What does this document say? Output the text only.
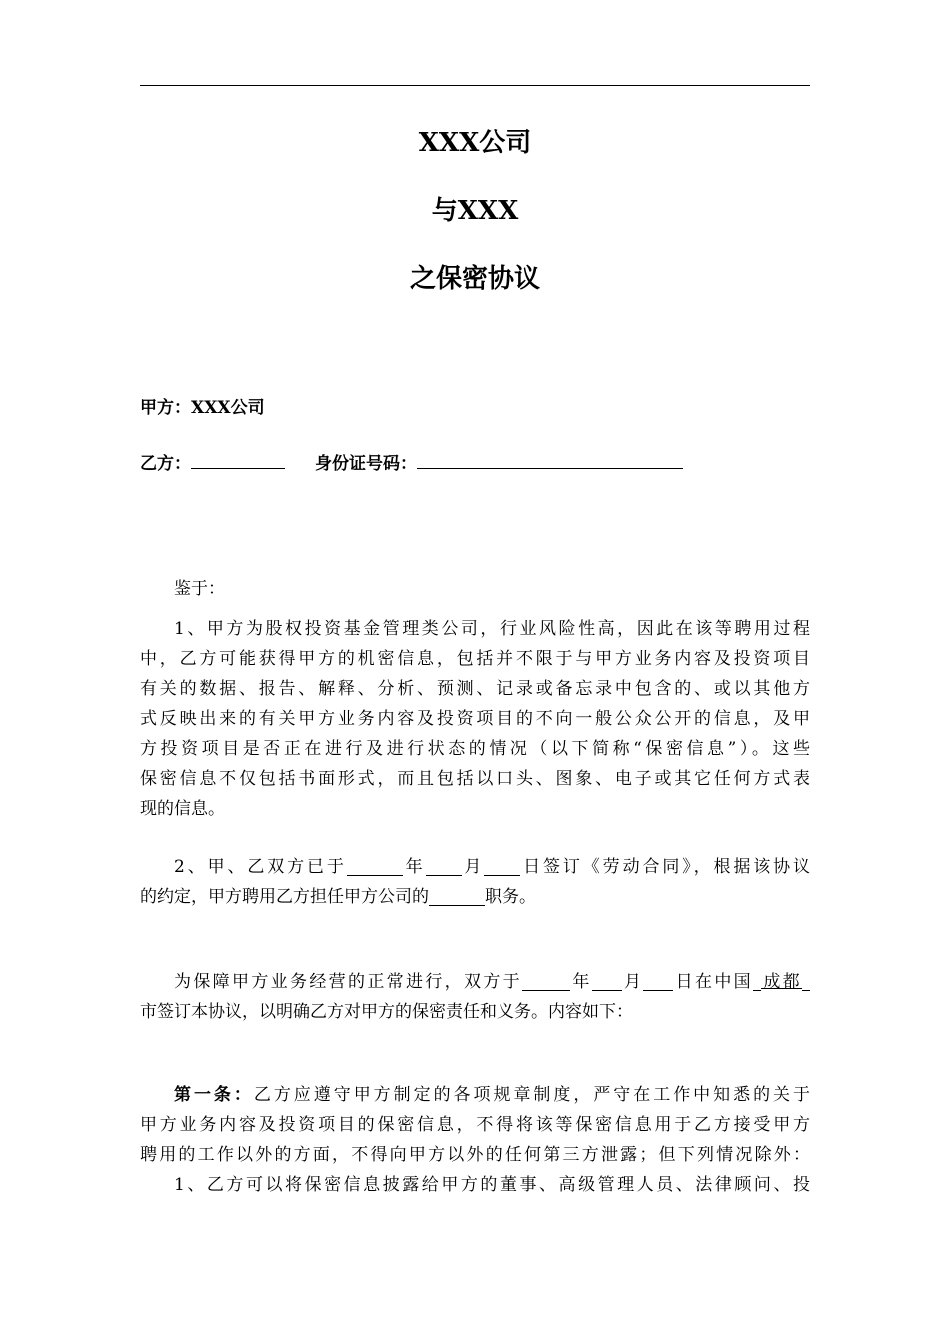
XXX公司
与XXX
之保密协议
甲方：XXX公司
乙方：	身份证号码：

鉴于：

1、甲方为股权投资基金管理类公司，行业风险性高，因此在该等聘用过程
中，乙方可能获得甲方的机密信息，包括并不限于与甲方业务内容及投资项目
有关的数据、报告、解释、分析、预测、记录或备忘录中包含的、或以其他方
式反映出来的有关甲方业务内容及投资项目的不向一般公众公开的信息，及甲
方投资项目是否正在进行及进行状态的情况（以下简称“保密信息”）。这些
保密信息不仅包括书面形式，而且包括以口头、图象、电子或其它任何方式表
现的信息。
2、甲、乙双方已于	年 月 日签订《劳动合同》，根据该协议
的约定，甲方聘用乙方担任甲方公司的	职务。
为保障甲方业务经营的正常进行，双方于	年 月 日在中国 成都
市签订本协议，以明确乙方对甲方的保密责任和义务。内容如下：
第一条：乙方应遵守甲方制定的各项规章制度，严守在工作中知悉的关于
甲方业务内容及投资项目的保密信息，不得将该等保密信息用于乙方接受甲方
聘用的工作以外的方面，不得向甲方以外的任何第三方泄露；但下列情况除外：
1、乙方可以将保密信息披露给甲方的董事、高级管理人员、法律顾问、投
